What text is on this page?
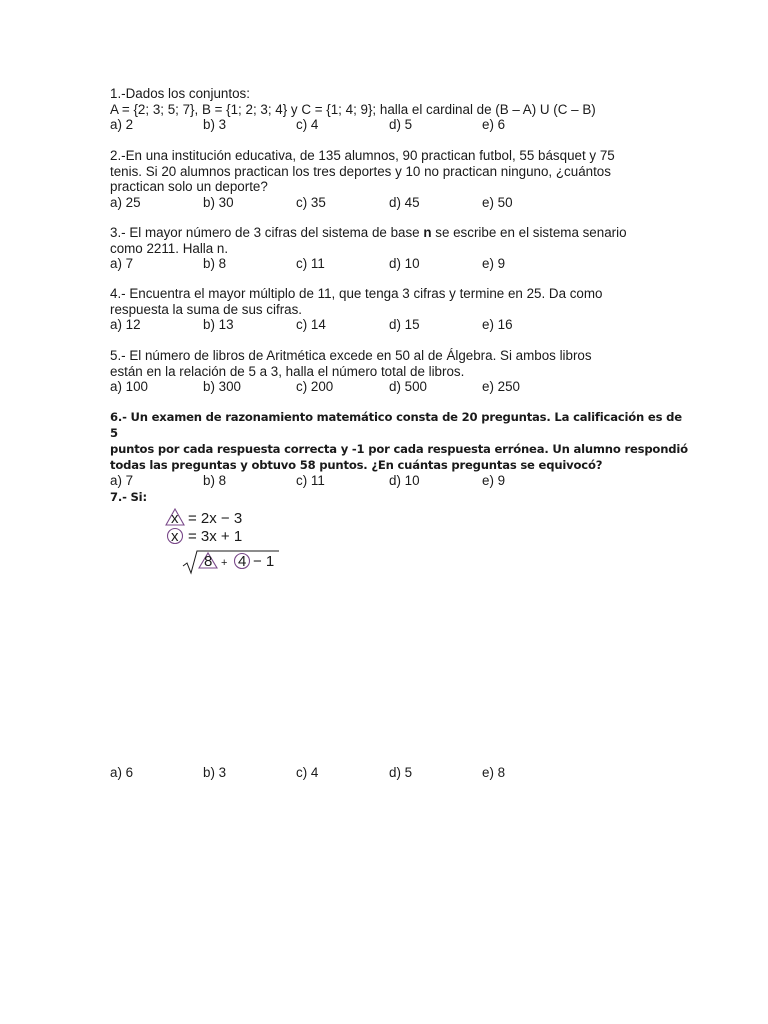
1.-Dados los conjuntos:

A = {2; 3; 5; 7}, B = {1; 2; 3; 4} y C = {1; 4; 9}; halla el cardinal de (B – A) U (C – B)

a) 2	b) 3	c) 4	d) 5	e) 6

2.-En una institución educativa, de 135 alumnos, 90 practican futbol, 55 básquet y 75

tenis. Si 20 alumnos practican los tres deportes y 10 no practican ninguno, ¿cuántos

practican solo un deporte?

a) 25	b) 30	c) 35	d) 45	e) 50

3.- El mayor número de 3 cifras del sistema de base n se escribe en el sistema senario

como 2211. Halla n.

a) 7	b) 8	c) 11	d) 10	e) 9

4.- Encuentra el mayor múltiplo de 11, que tenga 3 cifras y termine en 25. Da como

respuesta la suma de sus cifras.

a) 12	b) 13	c) 14	d) 15	e) 16

5.- El número de libros de Aritmética excede en 50 al de Álgebra. Si ambos libros

están en la relación de 5 a 3, halla el número total de libros.

a) 100	b) 300	c) 200	d) 500	e) 250

6.- Un examen de razonamiento matemático consta de 20 preguntas. La calificación es de 5

puntos por cada respuesta correcta y -1 por cada respuesta errónea. Un alumno respondió

todas las preguntas y obtuvo 58 puntos. ¿En cuántas preguntas se equivocó?

a) 7	b) 8	c) 11	d) 10	e) 9

7.- Si:

x = 2x − 3
x = 3x + 1
8 + 4 − 1
a) 6	b) 3	c) 4	d) 5	e) 8
